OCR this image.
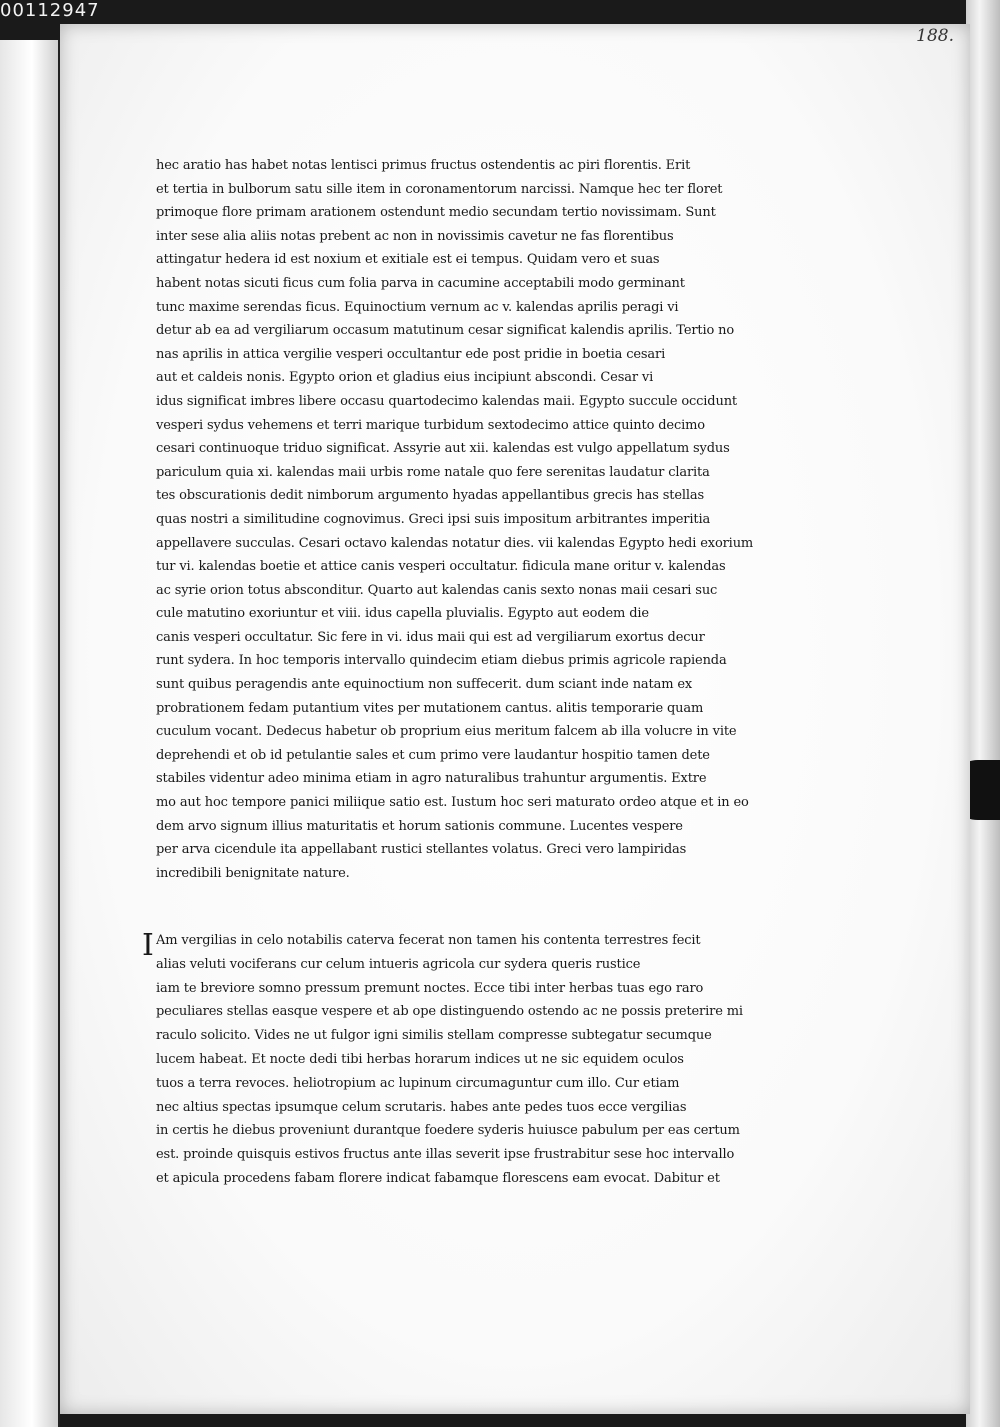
00112947
188.
hec aratio has habet notas lentisci primus fructus ostendentis ac piri florentis. Erit
et tertia in bulborum satu sille item in coronamentorum narcissi. Namque hec ter floret
primoque flore primam arationem ostendunt medio secundam tertio novissimam. Sunt
inter sese alia aliis notas prebent ac non in novissimis cavetur ne fas florentibus
attingatur hedera id est noxium et exitiale est ei tempus. Quidam vero et suas
habent notas sicuti ficus cum folia parva in cacumine acceptabili modo germinant
tunc maxime serendas ficus. Equinoctium vernum ac v. kalendas aprilis peragi vi
detur ab ea ad vergiliarum occasum matutinum cesar significat kalendis aprilis. Tertio no
nas aprilis in attica vergilie vesperi occultantur ede post pridie in boetia cesari
aut et caldeis nonis. Egypto orion et gladius eius incipiunt abscondi. Cesar vi
idus significat imbres libere occasu quartodecimo kalendas maii. Egypto succule occidunt
vesperi sydus vehemens et terri marique turbidum sextodecimo attice quinto decimo
cesari continuoque triduo significat. Assyrie aut xii. kalendas est vulgo appellatum sydus
pariculum quia xi. kalendas maii urbis rome natale quo fere serenitas laudatur clarita
tes obscurationis dedit nimborum argumento hyadas appellantibus grecis has stellas
quas nostri a similitudine cognovimus. Greci ipsi suis impositum arbitrantes imperitia
appellavere succulas. Cesari octavo kalendas notatur dies. vii kalendas Egypto hedi exorium
tur vi. kalendas boetie et attice canis vesperi occultatur. fidicula mane oritur v. kalendas
ac syrie orion totus absconditur. Quarto aut kalendas canis sexto nonas maii cesari suc
cule matutino exoriuntur et viii. idus capella pluvialis. Egypto aut eodem die
canis vesperi occultatur. Sic fere in vi. idus maii qui est ad vergiliarum exortus decur
runt sydera. In hoc temporis intervallo quindecim etiam diebus primis agricole rapienda
sunt quibus peragendis ante equinoctium non suffecerit. dum sciant inde natam ex
probrationem fedam putantium vites per mutationem cantus. alitis temporarie quam
cuculum vocant. Dedecus habetur ob proprium eius meritum falcem ab illa volucre in vite
deprehendi et ob id petulantie sales et cum primo vere laudantur hospitio tamen dete
stabiles videntur adeo minima etiam in agro naturalibus trahuntur argumentis. Extre
mo aut hoc tempore panici miliique satio est. Iustum hoc seri maturato ordeo atque et in eo
dem arvo signum illius maturitatis et horum sationis commune. Lucentes vespere
per arva cicendule ita appellabant rustici stellantes volatus. Greci vero lampiridas
incredibili benignitate nature.
I Am vergilias in celo notabilis caterva fecerat non tamen his contenta terrestres fecit
alias veluti vociferans cur celum intueris agricola cur sydera queris rustice
iam te breviore somno pressum premunt noctes. Ecce tibi inter herbas tuas ego raro
peculiares stellas easque vespere et ab ope distinguendo ostendo ac ne possis preterire mi
raculo solicito. Vides ne ut fulgor igni similis stellam compresse subtegatur secumque
lucem habeat. Et nocte dedi tibi herbas horarum indices ut ne sic equidem oculos
tuos a terra revoces. heliotropium ac lupinum circumaguntur cum illo. Cur etiam
nec altius spectas ipsumque celum scrutaris. habes ante pedes tuos ecce vergilias
in certis he diebus proveniunt durantque foedere syderis huiusce pabulum per eas certum
est. proinde quisquis estivos fructus ante illas severit ipse frustrabitur sese hoc intervallo
et apicula procedens fabam florere indicat fabamque florescens eam evocat. Dabitur et
